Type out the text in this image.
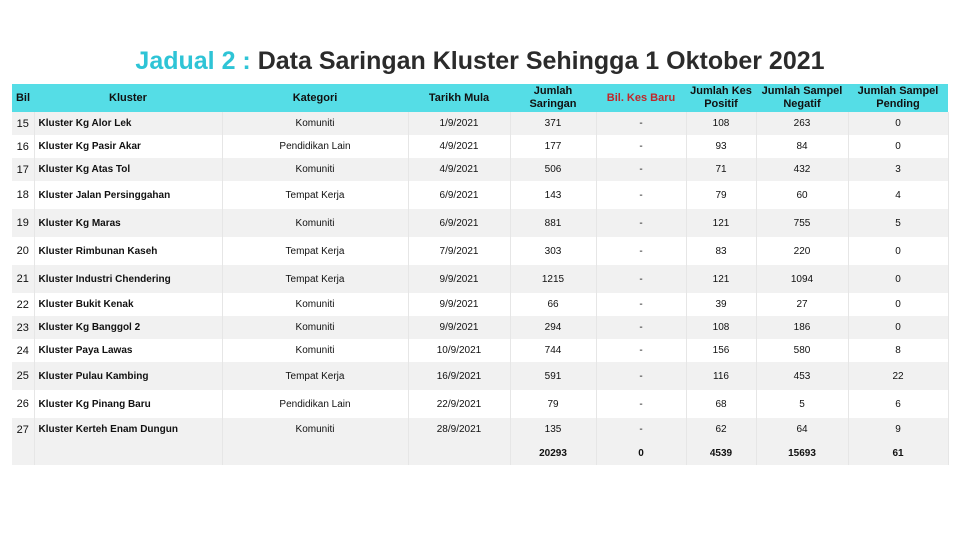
Jadual 2 : Data Saringan Kluster Sehingga 1 Oktober 2021
Bil	Kluster	Kategori	Tarikh Mula	Jumlah Saringan	Bil. Kes Baru	Jumlah Kes Positif	Jumlah Sampel Negatif	Jumlah Sampel Pending
15	Kluster Kg Alor Lek	Komuniti	1/9/2021	371	-	108	263	0
16	Kluster Kg Pasir Akar	Pendidikan Lain	4/9/2021	177	-	93	84	0
17	Kluster Kg Atas Tol	Komuniti	4/9/2021	506	-	71	432	3
18	Kluster Jalan Persinggahan	Tempat Kerja	6/9/2021	143	-	79	60	4
19	Kluster Kg Maras	Komuniti	6/9/2021	881	-	121	755	5
20	Kluster Rimbunan Kaseh	Tempat Kerja	7/9/2021	303	-	83	220	0
21	Kluster Industri Chendering	Tempat Kerja	9/9/2021	1215	-	121	1094	0
22	Kluster Bukit Kenak	Komuniti	9/9/2021	66	-	39	27	0
23	Kluster Kg Banggol 2	Komuniti	9/9/2021	294	-	108	186	0
24	Kluster Paya Lawas	Komuniti	10/9/2021	744	-	156	580	8
25	Kluster Pulau Kambing	Tempat Kerja	16/9/2021	591	-	116	453	22
26	Kluster Kg Pinang Baru	Pendidikan Lain	22/9/2021	79	-	68	5	6
27	Kluster Kerteh Enam Dungun	Komuniti	28/9/2021	135	-	62	64	9
				20293	0	4539	15693	61
